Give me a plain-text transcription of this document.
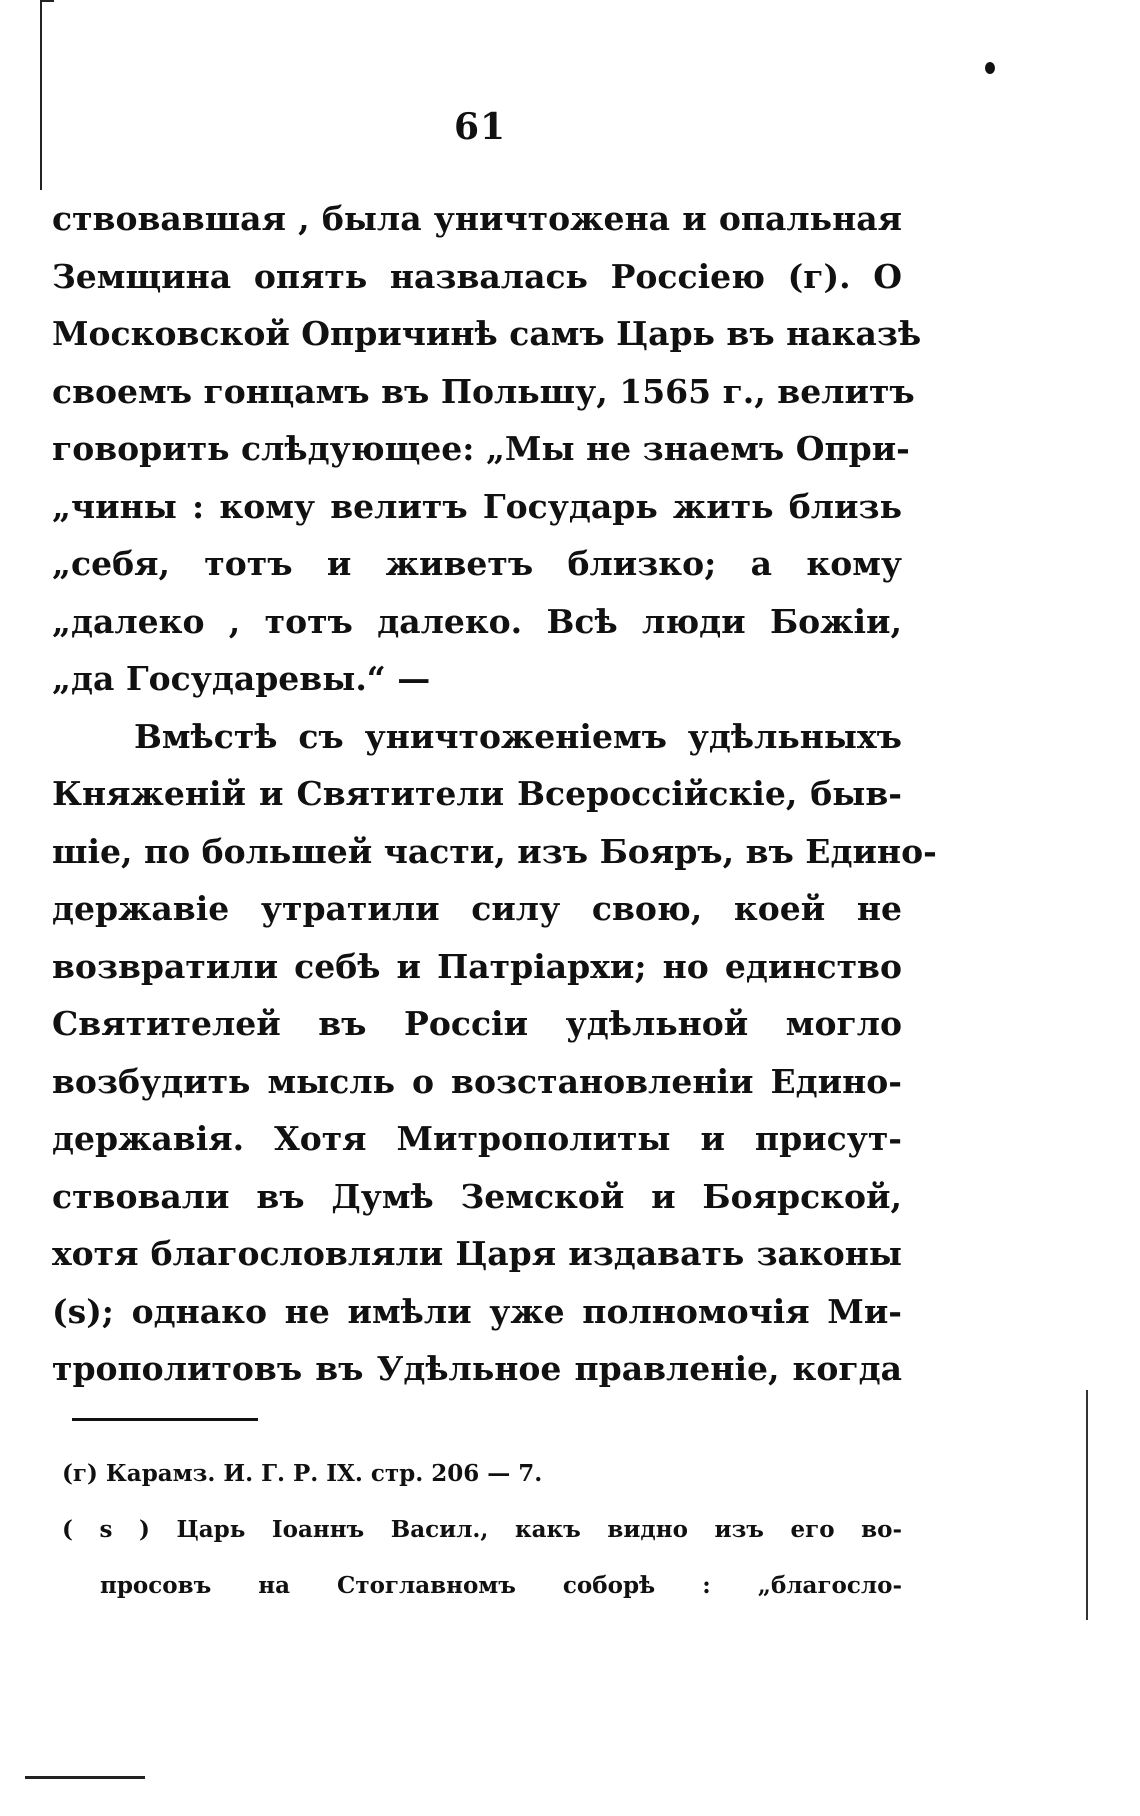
61
ствовавшая , была уничтожена и опальная
Земщина опять назвалась Россіею (г). О
Московской Опричинѣ самъ Царь въ наказѣ
своемъ гонцамъ въ Польшу, 1565 г., велитъ
говорить слѣдующее: „Мы не знаемъ Опри-
„чины : кому велитъ Государь жить близь
„себя, тотъ и живетъ близко; а кому
„далеко , тотъ далеко. Всѣ люди Божіи,
„да Государевы.“ —
Вмѣстѣ съ уничтоженіемъ удѣльныхъ
Княженій и Святители Всероссійскіе, быв-
шіе, по большей части, изъ Бояръ, въ Едино-
державіе утратили силу свою, коей не
возвратили себѣ и Патріархи; но единство
Святителей въ Россіи удѣльной могло
возбудить мысль о возстановленіи Едино-
державія. Хотя Митрополиты и присут-
ствовали въ Думѣ Земской и Боярской,
хотя благословляли Царя издавать законы
(s); однако не имѣли уже полномочія Ми-
трополитовъ въ Удѣльное правленіе, когда
(г) Карамз. И. Г. Р. IX. стр. 206 — 7.
( s ) Царь Іоаннъ Васил., какъ видно изъ его во-
просовъ на Стоглавномъ соборѣ : „благосло-
